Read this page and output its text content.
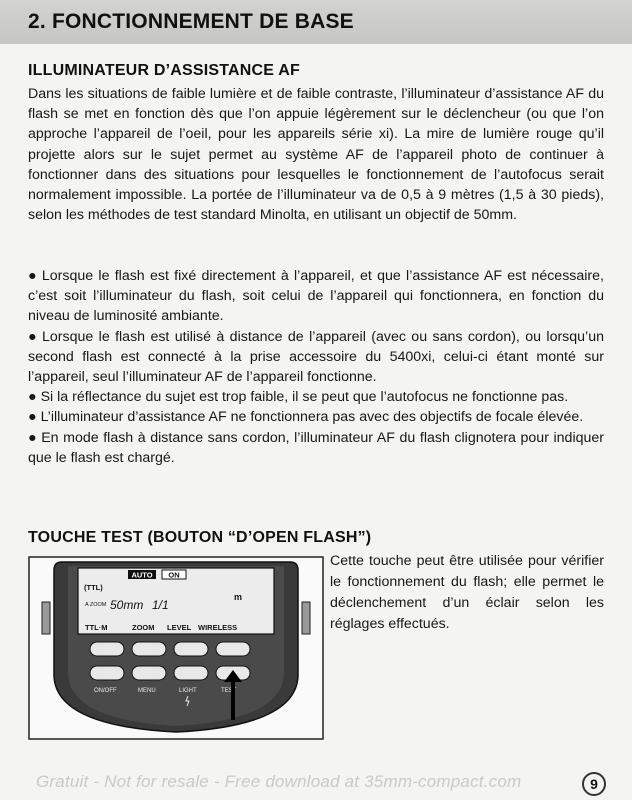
2. FONCTIONNEMENT DE BASE
ILLUMINATEUR D’ASSISTANCE AF

Dans les situations de faible lumière et de faible contraste, l’illuminateur d’assistance AF du flash se met en fonction dès que l’on appuie légèrement sur le déclencheur (ou que l’on approche l’appareil de l’oeil, pour les appareils série xi). La mire de lumière rouge qu’il projette alors sur le sujet permet au système AF de l’appareil photo de continuer à fonctionner dans des situations pour lesquelles le fonctionnement de l’autofocus serait normalement impossible. La portée de l’illuminateur va de 0,5 à 9 mètres (1,5 à 30 pieds), selon les méthodes de test standard Minolta, en utilisant un objectif de 50mm.

● Lorsque le flash est fixé directement à l’appareil, et que l’assistance AF est nécessaire, c’est soit l’illuminateur du flash, soit celui de l’appareil qui fonctionnera, en fonction du niveau de luminosité ambiante.
● Lorsque le flash est utilisé à distance de l’appareil (avec ou sans cordon), ou lorsqu’un second flash est connecté à la prise accessoire du 5400xi, celui-ci étant monté sur l’appareil, seul l’illuminateur AF de l’appareil fonctionne.
● Si la réflectance du sujet est trop faible, il se peut que l’autofocus ne fonctionne pas.
● L’illuminateur d’assistance AF ne fonctionnera pas avec des objectifs de focale élevée.
● En mode flash à distance sans cordon, l’illuminateur AF du flash clignotera pour indiquer que le flash est chargé.
TOUCHE TEST (BOUTON “D’OPEN FLASH”)
AUTO ON
(TTL)
A ZOOM 50mm 1/1
m
TTL·M	ZOOM LEVEL WIRELESS
ON/OFF	MENU	LIGHT	TEST

Cette touche peut être utilisée pour vérifier le fonctionnement du flash; elle permet le déclenchement d’un éclair selon les réglages effectués.

Gratuit - Not for resale - Free download at 35mm-compact.com	9
